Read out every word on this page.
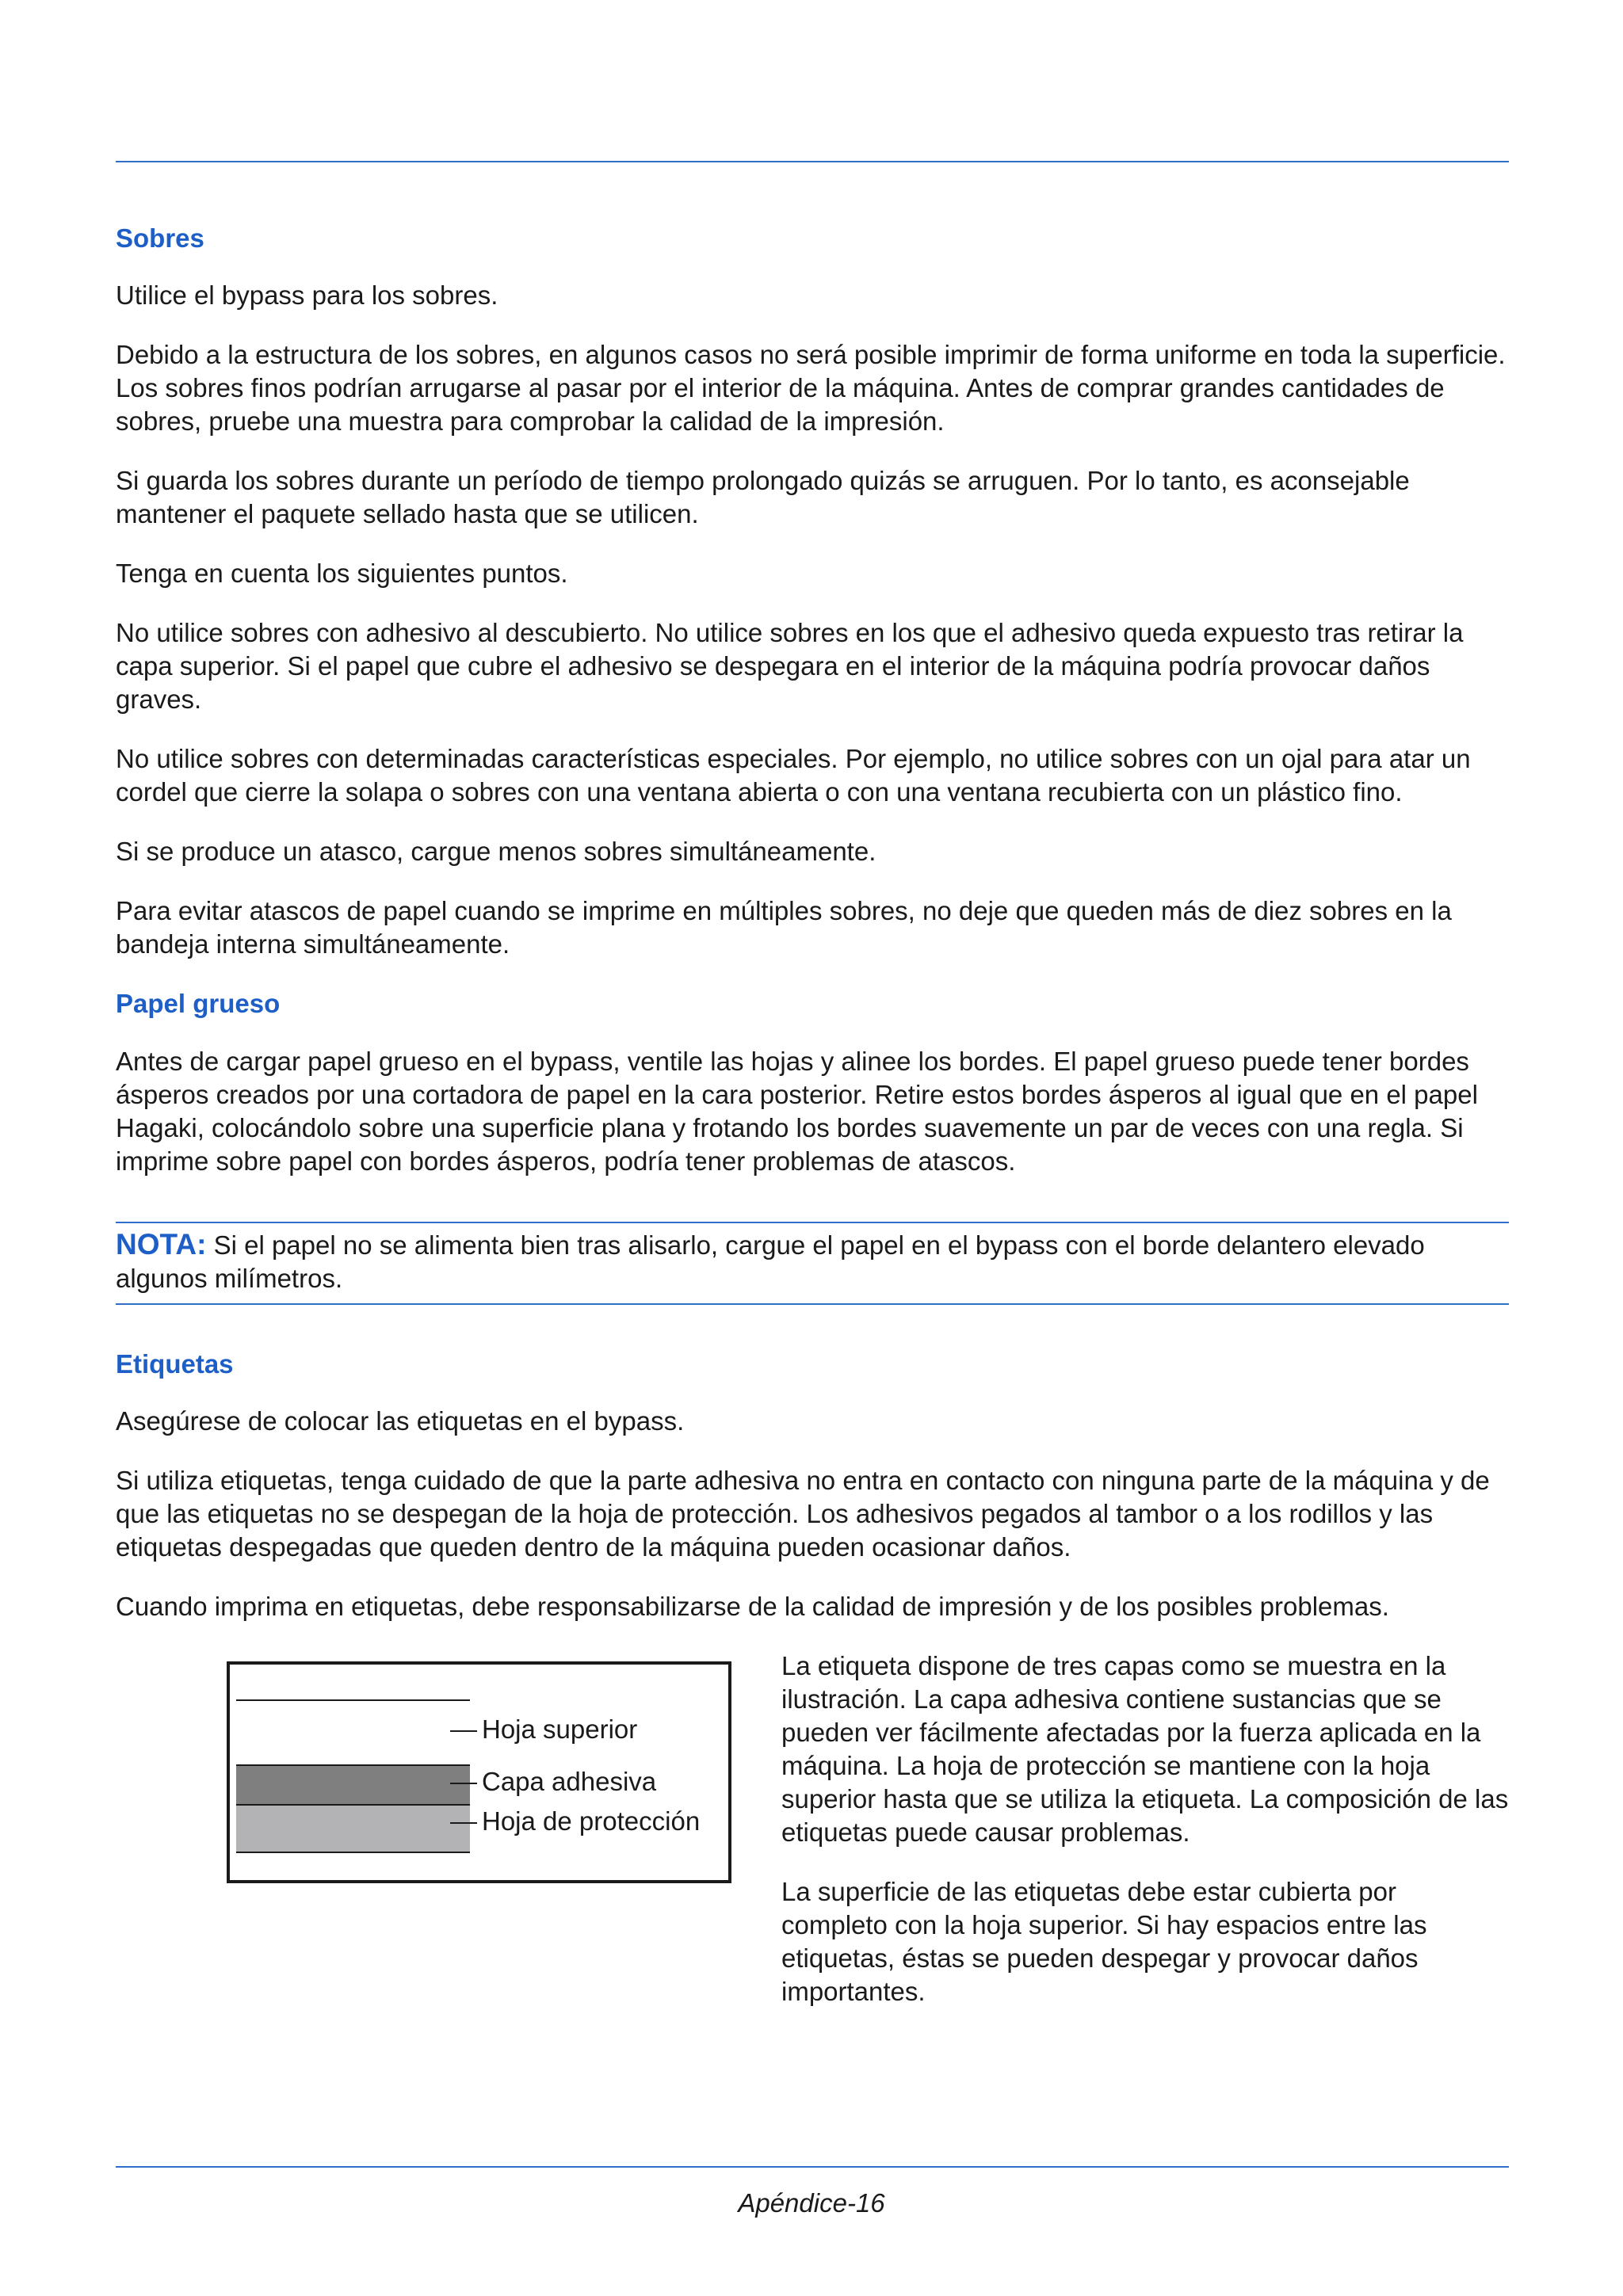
Sobres

Utilice el bypass para los sobres.

Debido a la estructura de los sobres, en algunos casos no será posible imprimir de forma uniforme en toda la superficie. Los sobres finos podrían arrugarse al pasar por el interior de la máquina. Antes de comprar grandes cantidades de sobres, pruebe una muestra para comprobar la calidad de la impresión.

Si guarda los sobres durante un período de tiempo prolongado quizás se arruguen. Por lo tanto, es aconsejable mantener el paquete sellado hasta que se utilicen.

Tenga en cuenta los siguientes puntos.

No utilice sobres con adhesivo al descubierto. No utilice sobres en los que el adhesivo queda expuesto tras retirar la capa superior. Si el papel que cubre el adhesivo se despegara en el interior de la máquina podría provocar daños graves.

No utilice sobres con determinadas características especiales. Por ejemplo, no utilice sobres con un ojal para atar un cordel que cierre la solapa o sobres con una ventana abierta o con una ventana recubierta con un plástico fino.

Si se produce un atasco, cargue menos sobres simultáneamente.

Para evitar atascos de papel cuando se imprime en múltiples sobres, no deje que queden más de diez sobres en la bandeja interna simultáneamente.

Papel grueso

Antes de cargar papel grueso en el bypass, ventile las hojas y alinee los bordes. El papel grueso puede tener bordes ásperos creados por una cortadora de papel en la cara posterior. Retire estos bordes ásperos al igual que en el papel Hagaki, colocándolo sobre una superficie plana y frotando los bordes suavemente un par de veces con una regla. Si imprime sobre papel con bordes ásperos, podría tener problemas de atascos.

NOTA: Si el papel no se alimenta bien tras alisarlo, cargue el papel en el bypass con el borde delantero elevado algunos milímetros.

Etiquetas

Asegúrese de colocar las etiquetas en el bypass.

Si utiliza etiquetas, tenga cuidado de que la parte adhesiva no entra en contacto con ninguna parte de la máquina y de que las etiquetas no se despegan de la hoja de protección. Los adhesivos pegados al tambor o a los rodillos y las etiquetas despegadas que queden dentro de la máquina pueden ocasionar daños.

Cuando imprima en etiquetas, debe responsabilizarse de la calidad de impresión y de los posibles problemas.

Hoja superior
Capa adhesiva
Hoja de protección

La etiqueta dispone de tres capas como se muestra en la ilustración. La capa adhesiva contiene sustancias que se pueden ver fácilmente afectadas por la fuerza aplicada en la máquina. La hoja de protección se mantiene con la hoja superior hasta que se utiliza la etiqueta. La composición de las etiquetas puede causar problemas.

La superficie de las etiquetas debe estar cubierta por completo con la hoja superior. Si hay espacios entre las etiquetas, éstas se pueden despegar y provocar daños importantes.

Apéndice-16
